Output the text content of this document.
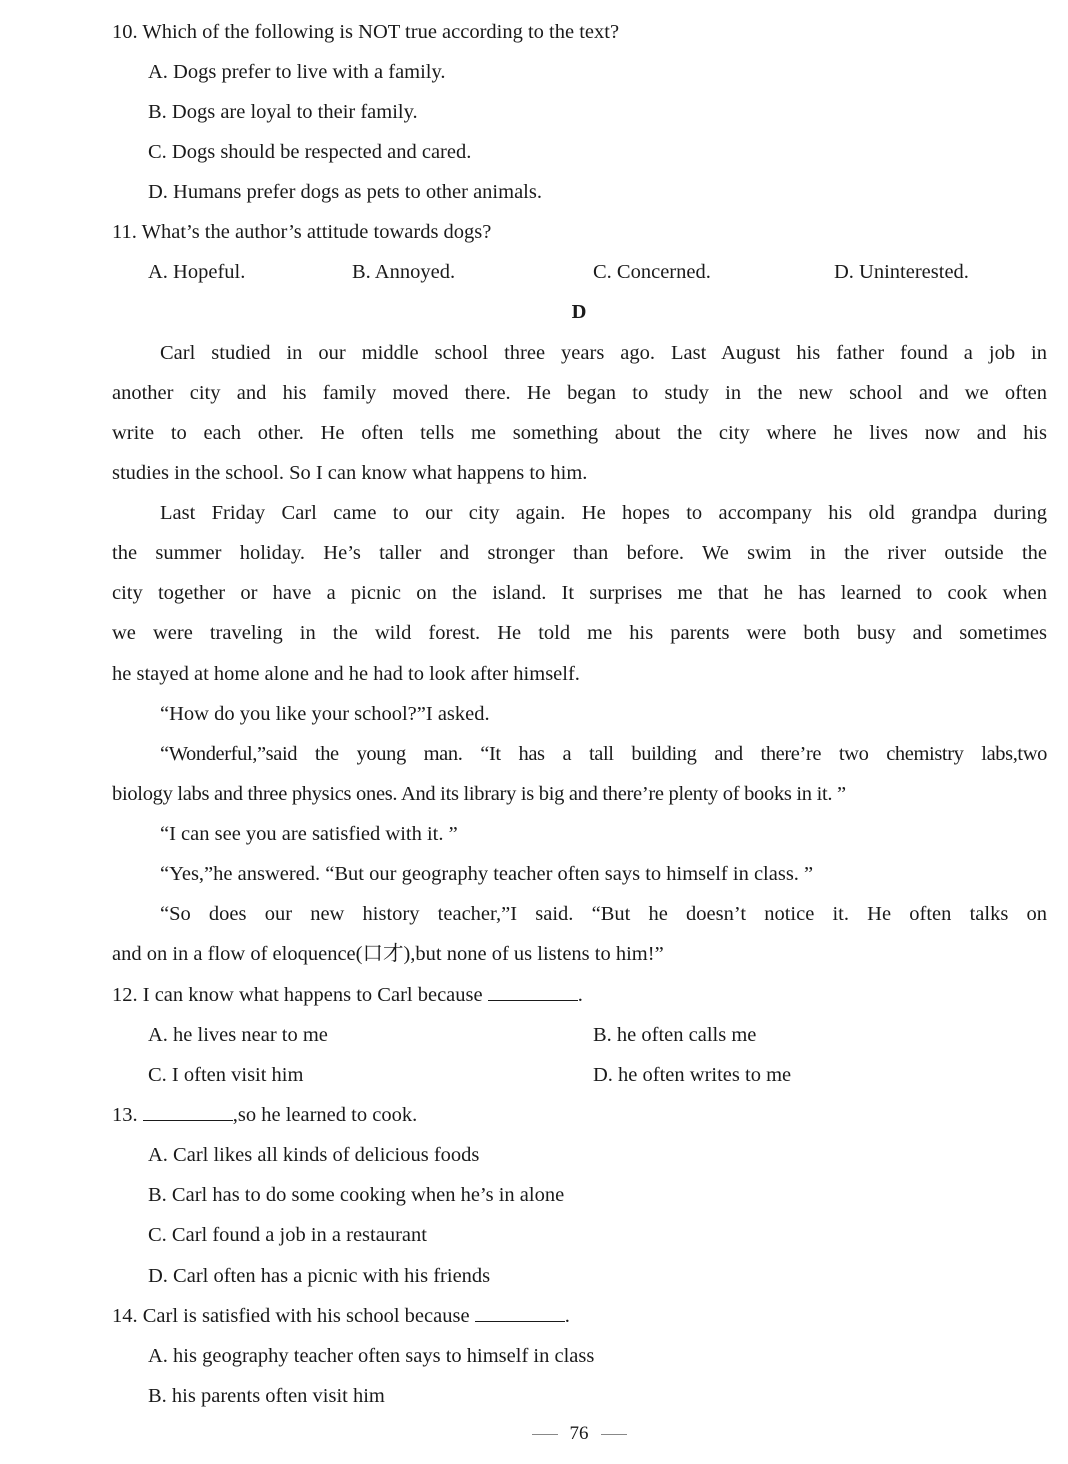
10. Which of the following is NOT true according to the text?
A. Dogs prefer to live with a family.
B. Dogs are loyal to their family.
C. Dogs should be respected and cared.
D. Humans prefer dogs as pets to other animals.
11. What’s the author’s attitude towards dogs?
A. Hopeful.	B. Annoyed.	C. Concerned.	D. Uninterested.
D
Carl studied in our middle school three years ago. Last August his father found a job in
another city and his family moved there. He began to study in the new school and we often
write to each other. He often tells me something about the city where he lives now and his
studies in the school. So I can know what happens to him.
Last Friday Carl came to our city again. He hopes to accompany his old grandpa during
the summer holiday. He’s taller and stronger than before. We swim in the river outside the
city together or have a picnic on the island. It surprises me that he has learned to cook when
we were traveling in the wild forest. He told me his parents were both busy and sometimes
he stayed at home alone and he had to look after himself.
“How do you like your school?”I asked.
“Wonderful,”said the young man. “It has a tall building and there’re two chemistry labs,two
biology labs and three physics ones. And its library is big and there’re plenty of books in it. ”
“I can see you are satisfied with it. ”
“Yes,”he answered. “But our geography teacher often says to himself in class. ”
“So does our new history teacher,”I said. “But he doesn’t notice it. He often talks on
and on in a flow of eloquence(口才),but none of us listens to him!”
12. I can know what happens to Carl because	.
A. he lives near to me	B. he often calls me
C. I often visit him	D. he often writes to me
13.	,so he learned to cook.
A. Carl likes all kinds of delicious foods
B. Carl has to do some cooking when he’s in alone
C. Carl found a job in a restaurant
D. Carl often has a picnic with his friends
14. Carl is satisfied with his school because	.
A. his geography teacher often says to himself in class
B. his parents often visit him
76
